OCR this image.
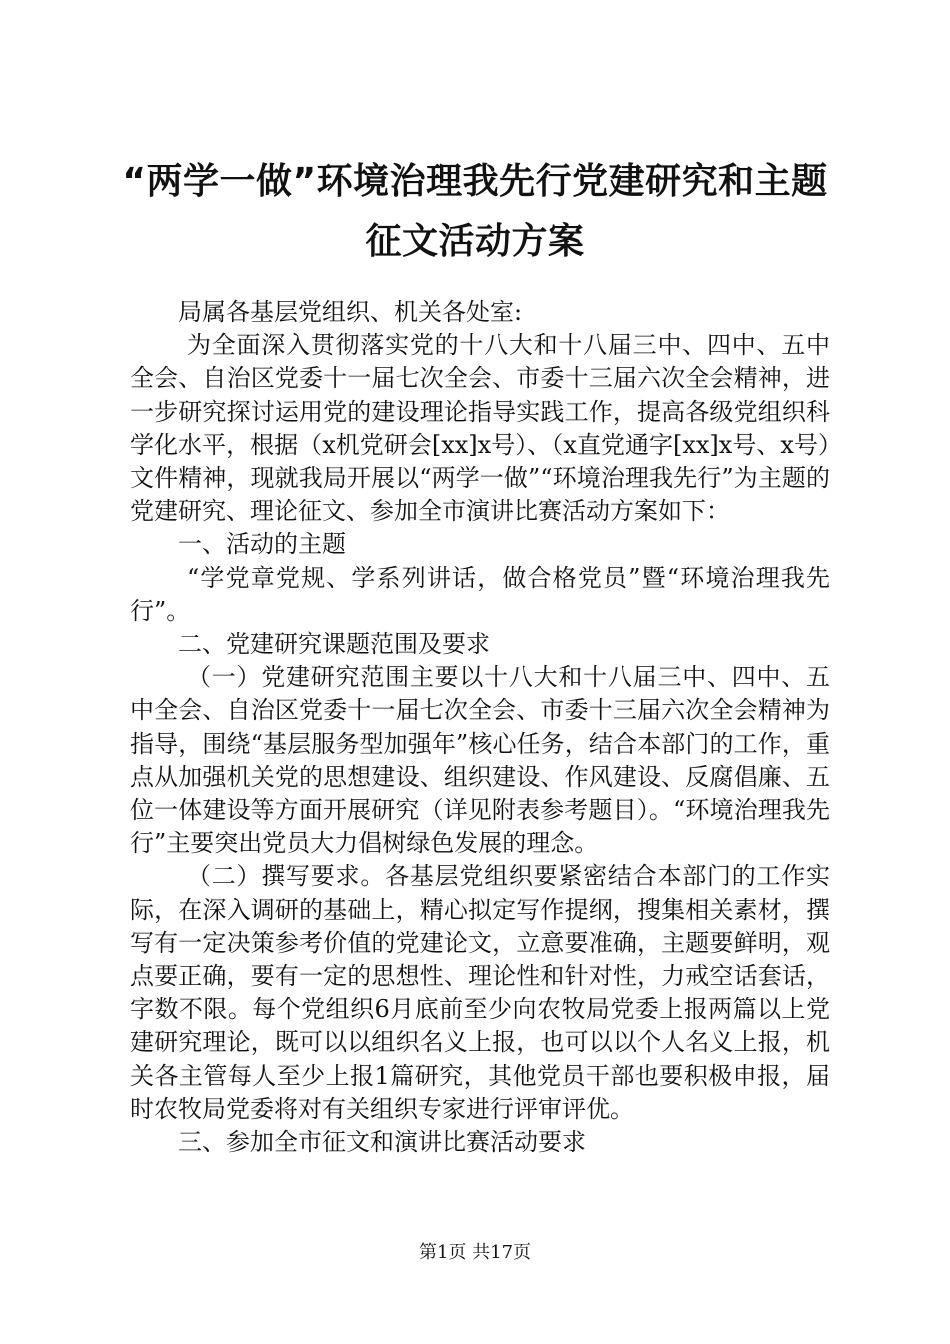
“两学一做”环境治理我先行党建研究和主题
征文活动方案

局属各基层党组织、机关各处室:

为全面深入贯彻落实党的十八大和十八届三中、四中、五中全会、自治区党委十一届七次全会、市委十三届六次全会精神，进一步研究探讨运用党的建设理论指导实践工作，提高各级党组织科学化水平，根据（x机党研会[xx]x号）、（x直党通字[xx]x号、x号）文件精神，现就我局开展以“两学一做”“环境治理我先行”为主题的党建研究、理论征文、参加全市演讲比赛活动方案如下：

一、活动的主题

“学党章党规、学系列讲话，做合格党员”暨“环境治理我先行”。

二、党建研究课题范围及要求

（一）党建研究范围主要以十八大和十八届三中、四中、五中全会、自治区党委十一届七次全会、市委十三届六次全会精神为指导，围绕“基层服务型加强年”核心任务，结合本部门的工作，重点从加强机关党的思想建设、组织建设、作风建设、反腐倡廉、五位一体建设等方面开展研究（详见附表参考题目）。“环境治理我先行”主要突出党员大力倡树绿色发展的理念。

（二）撰写要求。各基层党组织要紧密结合本部门的工作实际，在深入调研的基础上，精心拟定写作提纲，搜集相关素材，撰写有一定决策参考价值的党建论文，立意要准确，主题要鲜明，观点要正确，要有一定的思想性、理论性和针对性，力戒空话套话，字数不限。每个党组织6月底前至少向农牧局党委上报两篇以上党建研究理论，既可以以组织名义上报，也可以以个人名义上报，机关各主管每人至少上报1篇研究，其他党员干部也要积极申报，届时农牧局党委将对有关组织专家进行评审评优。

三、参加全市征文和演讲比赛活动要求

第1页 共17页
